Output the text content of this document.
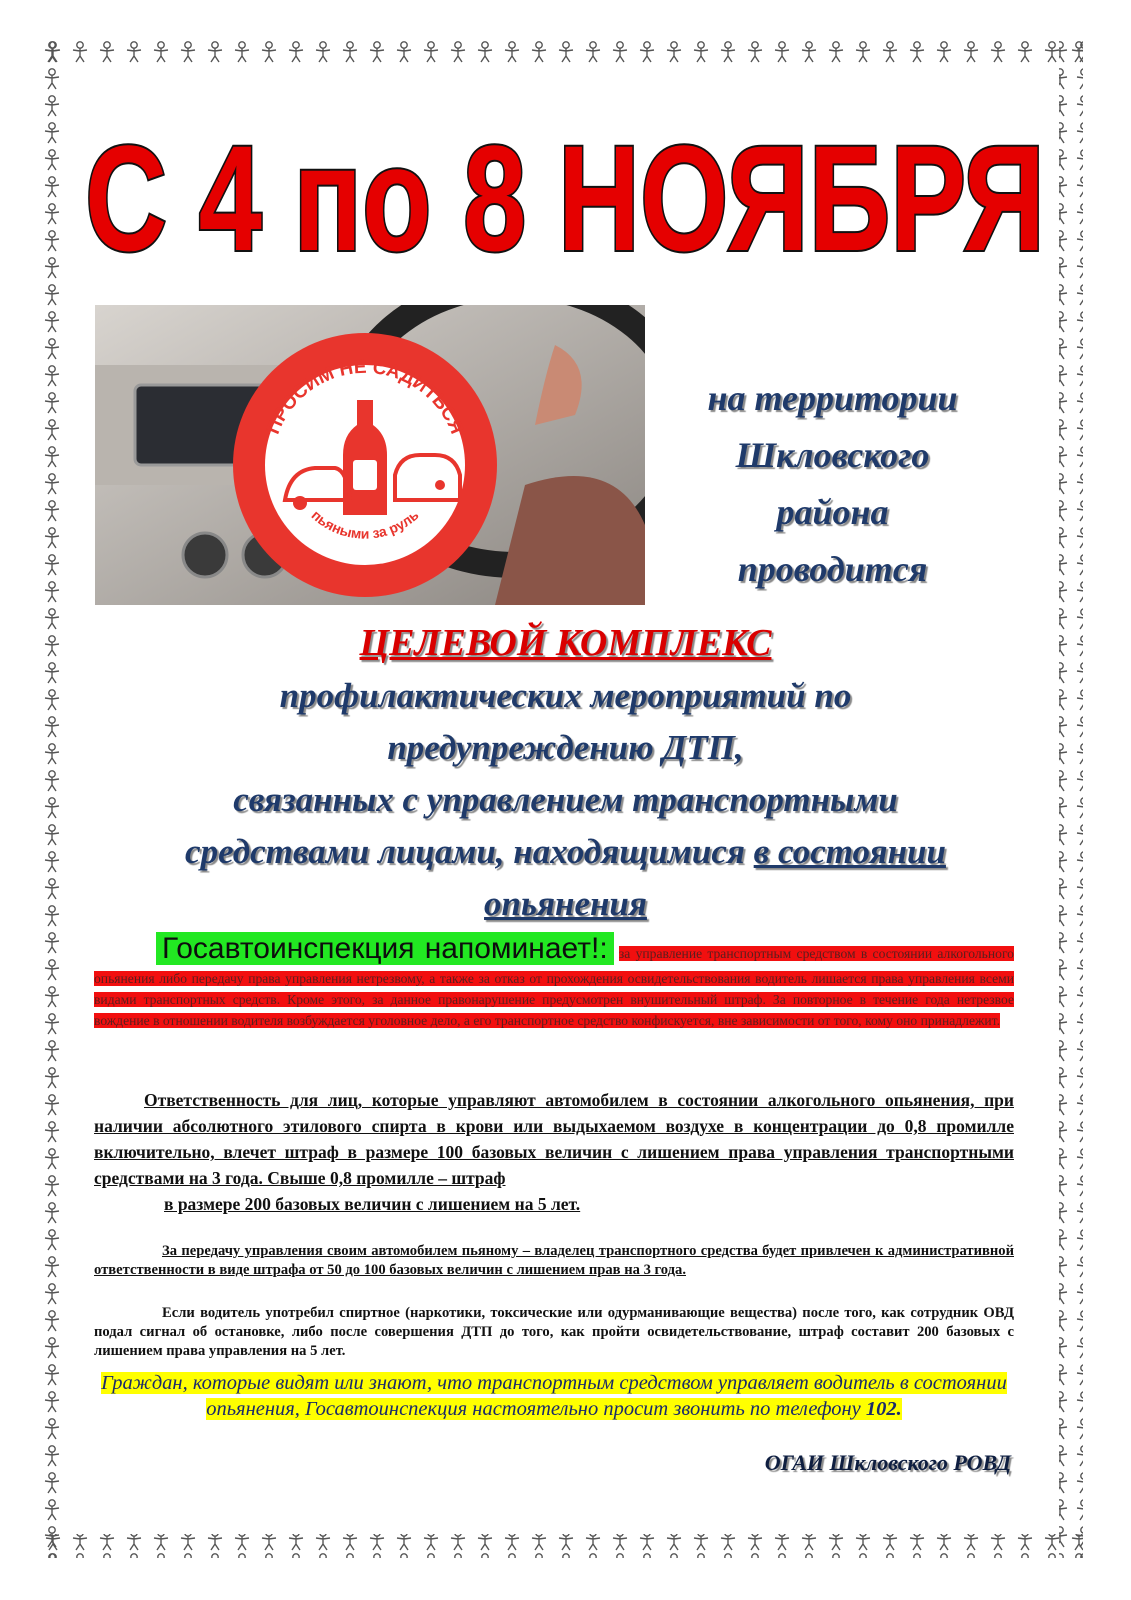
С 4 по 8 НОЯБРЯ
ПРОСИМ НЕ САДИТЬСЯ
пьяными за руль
на территории
Шкловского
района
проводится
ЦЕЛЕВОЙ КОМПЛЕКС
профилактических мероприятий по
предупреждению ДТП,
связанных с управлением транспортными
средствами лицами, находящимися в состоянии
опьянения
Госавтоинспекция напоминает!: за управление транспортным средством в состоянии алкогольного опьянения либо передачу права управления нетрезвому, а также за отказ от прохождения освидетельствования водитель лишается права управления всеми видами транспортных средств. Кроме этого, за данное правонарушение предусмотрен внушительный штраф. За повторное в течение года нетрезвое вождение в отношении водителя возбуждается уголовное дело, а его транспортное средство конфискуется, вне зависимости от того, кому оно принадлежит.

Ответственность для лиц, которые управляют автомобилем в состоянии алкогольного опьянения, при наличии абсолютного этилового спирта в крови или выдыхаемом воздухе в концентрации до 0,8 промилле включительно, влечет штраф в размере 100 базовых величин с лишением права управления транспортными средствами на 3 года. Свыше 0,8 промилле – штраф

в размере 200 базовых величин с лишением на 5 лет.

За передачу управления своим автомобилем пьяному – владелец транспортного средства будет привлечен к административной ответственности в виде штрафа от 50 до 100 базовых величин с лишением прав на 3 года.

Если водитель употребил спиртное (наркотики, токсические или одурманивающие вещества) после того, как сотрудник ОВД подал сигнал об остановке, либо после совершения ДТП до того, как пройти освидетельствование, штраф составит 200 базовых с лишением права управления на 5 лет.

Граждан, которые видят или знают, что транспортным средством управляет водитель в состоянии опьянения, Госавтоинспекция настоятельно просит звонить по телефону 102.
ОГАИ Шкловского РОВД
